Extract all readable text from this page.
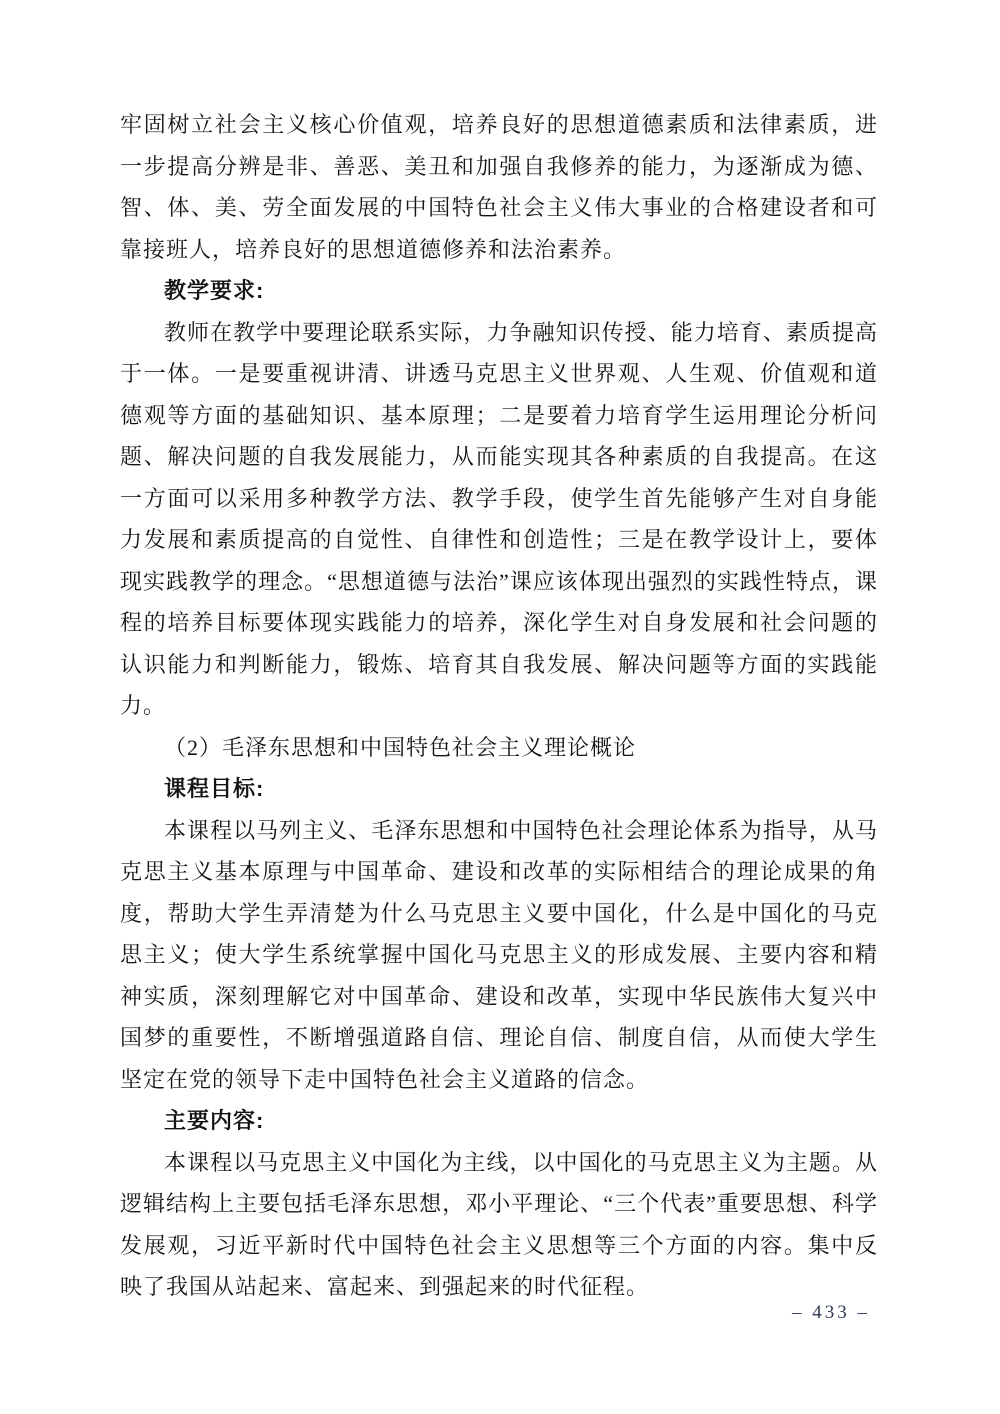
牢固树立社会主义核心价值观，培养良好的思想道德素质和法律素质，进一步提高分辨是非、善恶、美丑和加强自我修养的能力，为逐渐成为德、智、体、美、劳全面发展的中国特色社会主义伟大事业的合格建设者和可靠接班人，培养良好的思想道德修养和法治素养。

教学要求:

教师在教学中要理论联系实际，力争融知识传授、能力培育、素质提高于一体。一是要重视讲清、讲透马克思主义世界观、人生观、价值观和道德观等方面的基础知识、基本原理；二是要着力培育学生运用理论分析问题、解决问题的自我发展能力，从而能实现其各种素质的自我提高。在这一方面可以采用多种教学方法、教学手段，使学生首先能够产生对自身能力发展和素质提高的自觉性、自律性和创造性；三是在教学设计上，要体现实践教学的理念。“思想道德与法治”课应该体现出强烈的实践性特点，课程的培养目标要体现实践能力的培养，深化学生对自身发展和社会问题的认识能力和判断能力，锻炼、培育其自我发展、解决问题等方面的实践能力。

（2）毛泽东思想和中国特色社会主义理论概论

课程目标:

本课程以马列主义、毛泽东思想和中国特色社会理论体系为指导，从马克思主义基本原理与中国革命、建设和改革的实际相结合的理论成果的角度，帮助大学生弄清楚为什么马克思主义要中国化，什么是中国化的马克思主义；使大学生系统掌握中国化马克思主义的形成发展、主要内容和精神实质，深刻理解它对中国革命、建设和改革，实现中华民族伟大复兴中国梦的重要性，不断增强道路自信、理论自信、制度自信，从而使大学生坚定在党的领导下走中国特色社会主义道路的信念。

主要内容:

本课程以马克思主义中国化为主线，以中国化的马克思主义为主题。从逻辑结构上主要包括毛泽东思想，邓小平理论、“三个代表”重要思想、科学发展观，习近平新时代中国特色社会主义思想等三个方面的内容。集中反映了我国从站起来、富起来、到强起来的时代征程。

– 433 –
